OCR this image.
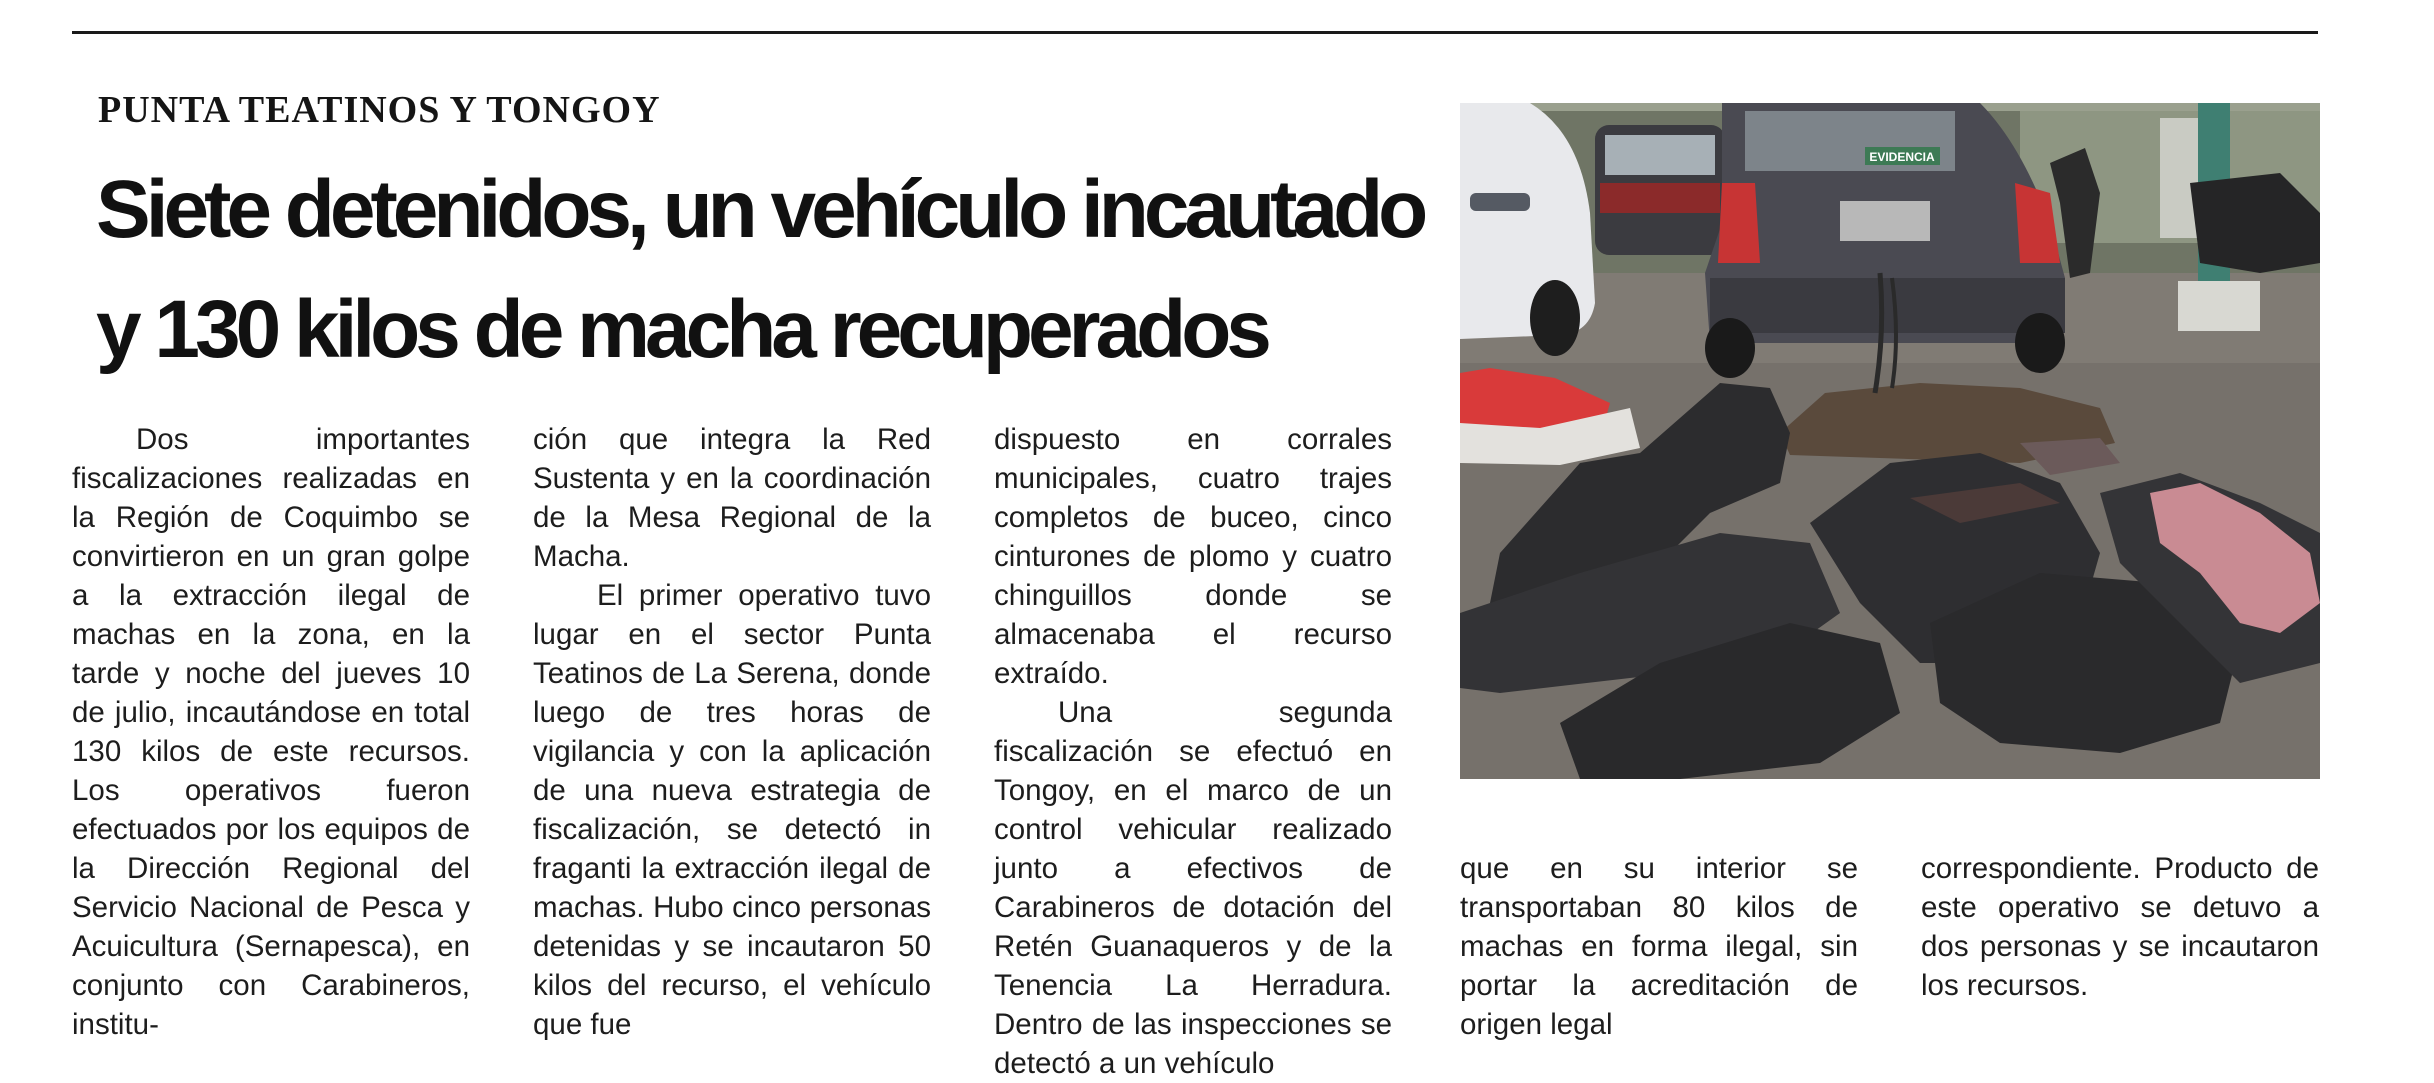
PUNTA TEATINOS Y TONGOY
Siete detenidos, un vehículo incautado
y 130 kilos de macha recuperados

Dos importantes fiscalizaciones realizadas en la Región de Coquimbo se convirtieron en un gran golpe a la extracción ilegal de machas en la zona, en la tarde y noche del jueves 10 de julio, incautándose en total 130 kilos de este recursos. Los operativos fueron efectuados por los equipos de la Dirección Regional del Servicio Nacional de Pesca y Acuicultura (Sernapesca), en conjunto con Carabineros, institu-

ción que integra la Red Sustenta y en la coordinación de la Mesa Regional de la Macha.

El primer operativo tuvo lugar en el sector Punta Teatinos de La Serena, donde luego de tres horas de vigilancia y con la aplicación de una nueva estrategia de fiscalización, se detectó in fraganti la extracción ilegal de machas. Hubo cinco personas detenidas y se incautaron 50 kilos del recurso, el vehículo que fue

dispuesto en corrales municipales, cuatro trajes completos de buceo, cinco cinturones de plomo y cuatro chinguillos donde se almacenaba el recurso extraído.

Una segunda fiscalización se efectuó en Tongoy, en el marco de un control vehicular realizado junto a efectivos de Carabineros de dotación del Retén Guanaqueros y de la Tenencia La Herradura. Dentro de las inspecciones se detectó a un vehículo

que en su interior se transportaban 80 kilos de machas en forma ilegal, sin portar la acreditación de origen legal

correspondiente. Producto de este operativo se detuvo a dos personas y se incautaron los recursos.

EVIDENCIA
